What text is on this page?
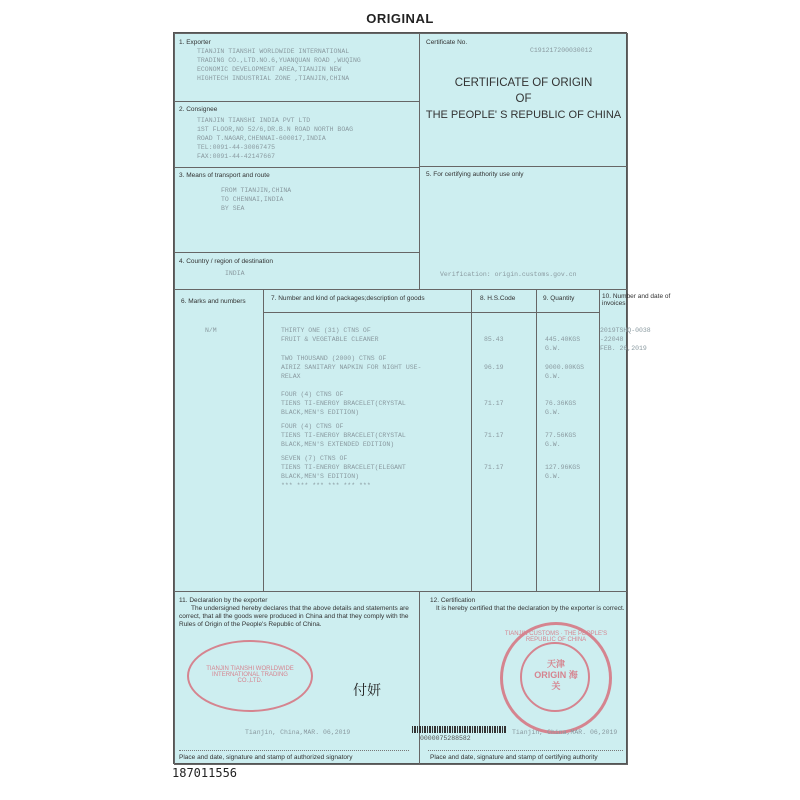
ORIGINAL
1. Exporter
TIANJIN TIANSHI WORLDWIDE INTERNATIONAL
TRADING CO.,LTD.NO.6,YUANQUAN ROAD ,WUQING
ECONOMIC DEVELOPMENT AREA,TIANJIN NEW
HIGHTECH INDUSTRIAL ZONE ,TIANJIN,CHINA
Certificate No.
C191217200030012
CERTIFICATE OF ORIGIN
OF
THE PEOPLE' S REPUBLIC OF CHINA
2. Consignee
TIANJIN TIANSHI INDIA PVT LTD
1ST FLOOR,NO 52/6,DR.B.N ROAD NORTH BOAG
ROAD T.NAGAR,CHENNAI-600017,INDIA
TEL:0091-44-30067475
FAX:0091-44-42147667
3. Means of transport and route
FROM TIANJIN,CHINA
TO CHENNAI,INDIA
BY SEA
4. Country / region of destination
INDIA
5. For certifying authority use only
Verification: origin.customs.gov.cn
6. Marks and numbers
N/M
7. Number and kind of packages;description of goods
THIRTY ONE (31) CTNS OF
FRUIT & VEGETABLE CLEANER
TWO THOUSAND (2000) CTNS OF
AIRIZ SANITARY NAPKIN FOR NIGHT USE-
RELAX
FOUR (4) CTNS OF
TIENS TI-ENERGY BRACELET(CRYSTAL
BLACK,MEN'S EDITION)
FOUR (4) CTNS OF
TIENS TI-ENERGY BRACELET(CRYSTAL
BLACK,MEN'S EXTENDED EDITION)
SEVEN (7) CTNS OF
TIENS TI-ENERGY BRACELET(ELEGANT
BLACK,MEN'S EDITION)
*** *** *** *** *** ***
8. H.S.Code
85.43
96.19
71.17
71.17
71.17
9. Quantity
445.40KGS
G.W.
9000.00KGS
G.W.
76.36KGS
G.W.
77.56KGS
G.W.
127.96KGS
G.W.
10. Number and date of invoices
2019TSHQ-0038
-22048
FEB. 26,2019
11. Declaration by the exporter
The undersigned hereby declares that the above details and statements are correct, that all the goods were produced in China and that they comply with the Rules of Origin of the People's Republic of China.
TIANJIN TIANSHI WORLDWIDE INTERNATIONAL TRADING CO.,LTD.
付妍
Tianjin, China,MAR. 06,2019
Place and date, signature and stamp of authorized signatory
12. Certification
It is hereby certified that the declaration by the exporter is correct.
TIANJIN CUSTOMS · THE PEOPLE'S REPUBLIC OF CHINA
天津 ORIGIN 海关
0000075288582
Tianjin, China,MAR. 06,2019
Place and date, signature and stamp of certifying authority
187011556
